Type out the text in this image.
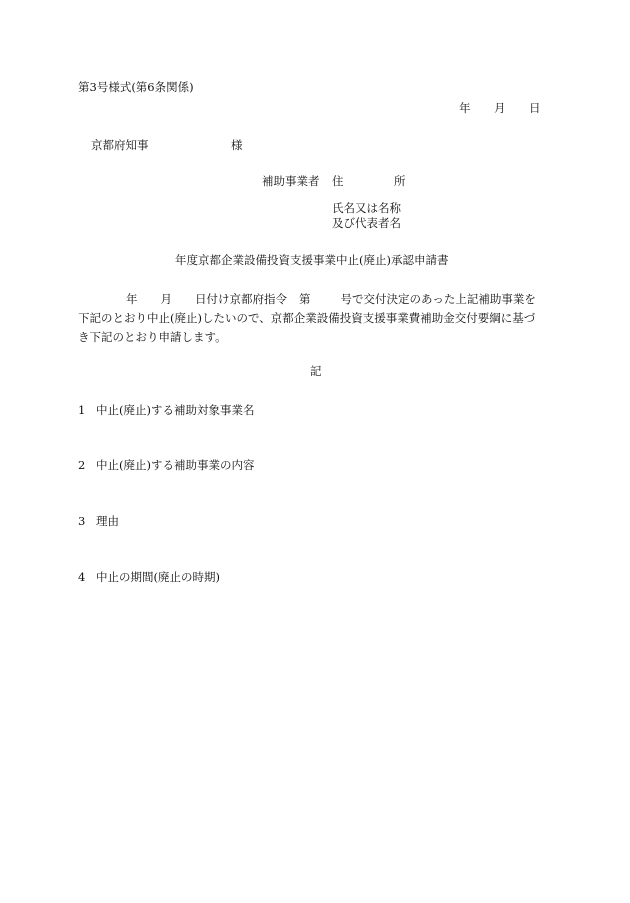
第3号様式(第6条関係)
年 月 日
京都府知事	様
補助事業者 住	所
氏名又は名称
及び代表者名
年度京都企業設備投資支援事業中止(廃止)承認申請書
年 月 日付け京都府指令 第	号で交付決定のあった上記補助事業を
下記のとおり中止(廃止)したいので、京都企業設備投資支援事業費補助金交付要綱に基づ
き下記のとおり申請します。
記
1 中止(廃止)する補助対象事業名
2 中止(廃止)する補助事業の内容
3 理由
4 中止の期間(廃止の時期)
